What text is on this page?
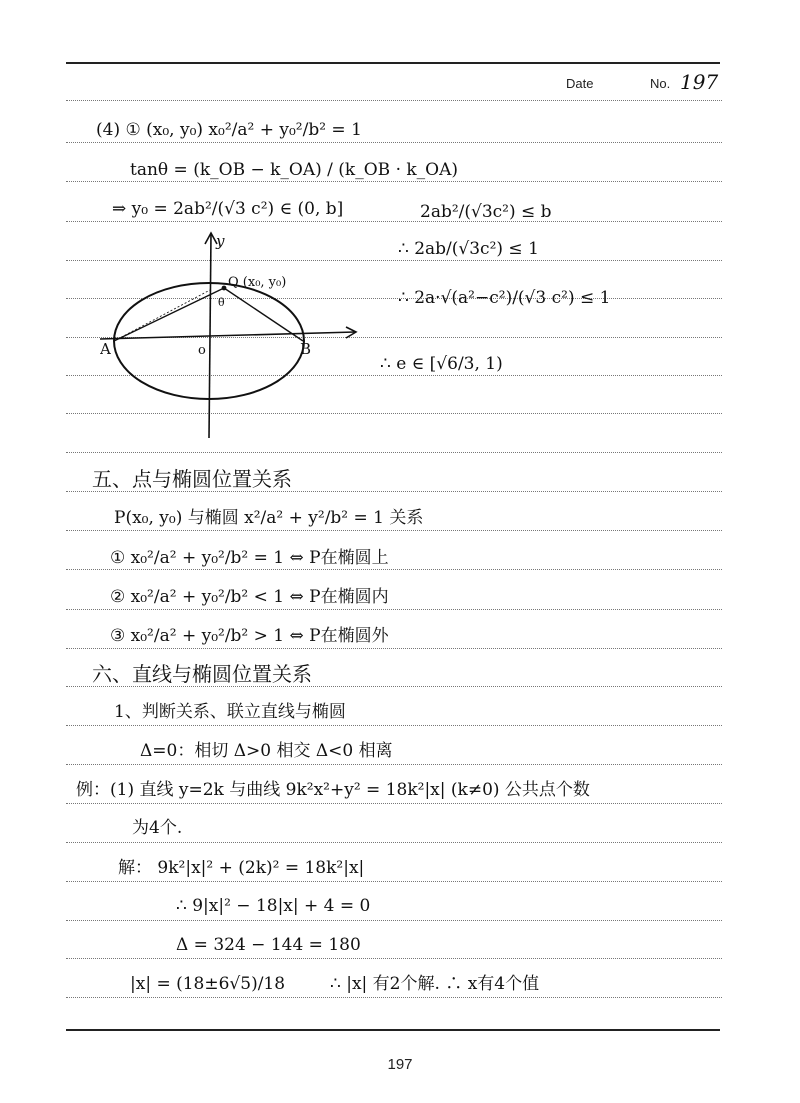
Date	No. 197
(4) ① (x₀, y₀) x₀²/a² + y₀²/b² = 1
tanθ = (k_OB − k_OA) / (k_OB · k_OA)
⇒ y₀ = 2ab²/(√3 c²) ∈ (0, b]	2ab²/(√3c²) ≤ b
∴ 2ab/(√3c²) ≤ 1
∴ 2a·√(a²−c²)/(√3 c²) ≤ 1
∴ e ∈ [√6/3, 1)
y
Q (x₀, y₀)
θ
A	B
o
五、点与椭圆位置关系
P(x₀, y₀) 与椭圆 x²/a² + y²/b² = 1 关系
① x₀²/a² + y₀²/b² = 1 ⇔ P在椭圆上
② x₀²/a² + y₀²/b² < 1 ⇔ P在椭圆内
③ x₀²/a² + y₀²/b² > 1 ⇔ P在椭圆外
六、直线与椭圆位置关系
1、判断关系、联立直线与椭圆
Δ=0：相切 Δ>0 相交 Δ<0 相离
例：(1) 直线 y=2k 与曲线 9k²x²+y² = 18k²|x| (k≠0) 公共点个数
为4个.
解： 9k²|x|² + (2k)² = 18k²|x|
∴ 9|x|² − 18|x| + 4 = 0
Δ = 324 − 144 = 180
|x| = (18±6√5)/18	∴ |x| 有2个解. ∴ x有4个值
197
